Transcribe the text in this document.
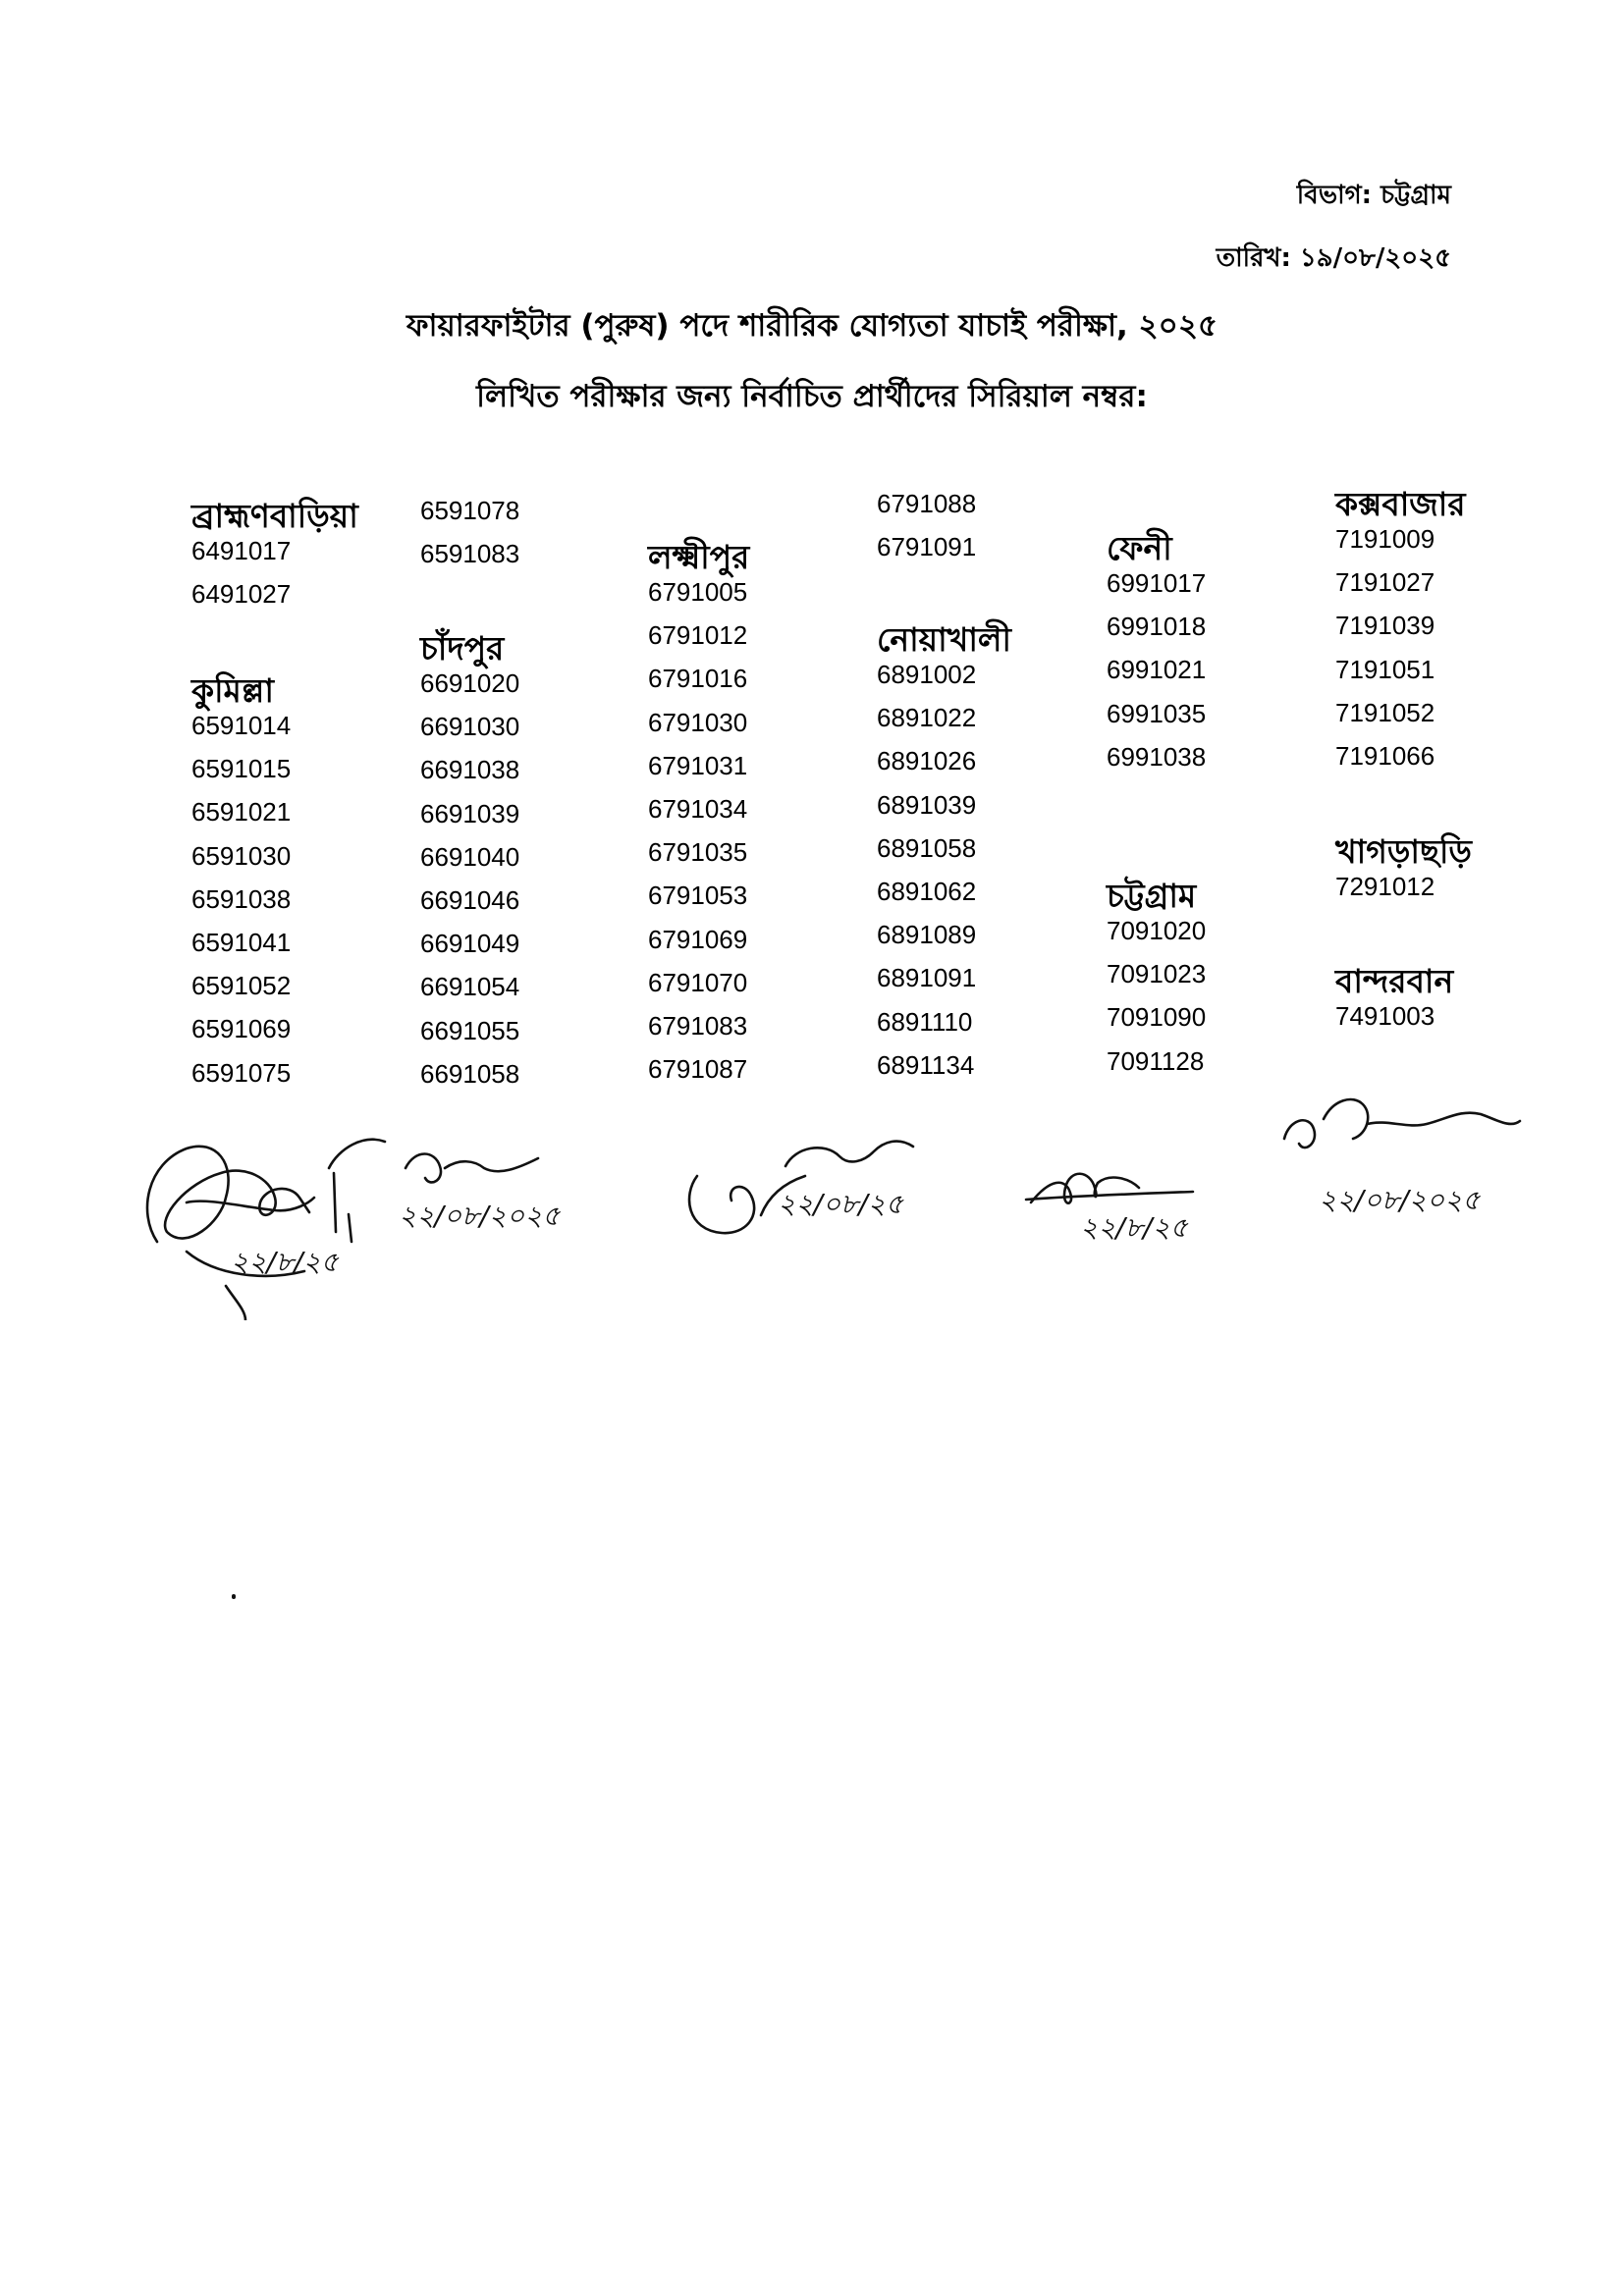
বিভাগ: চট্টগ্রাম
তারিখ: ১৯/০৮/২০২৫
ফায়ারফাইটার (পুরুষ) পদে শারীরিক যোগ্যতা যাচাই পরীক্ষা, ২০২৫
লিখিত পরীক্ষার জন্য নির্বাচিত প্রার্থীদের সিরিয়াল নম্বর:
ব্রাহ্মণবাড়িয়া
6491017
6491027
কুমিল্লা
6591014
6591015
6591021
6591030
6591038
6591041
6591052
6591069
6591075
6591078
6591083
চাঁদপুর
6691020
6691030
6691038
6691039
6691040
6691046
6691049
6691054
6691055
6691058
লক্ষ্মীপুর
6791005
6791012
6791016
6791030
6791031
6791034
6791035
6791053
6791069
6791070
6791083
6791087
6791088
6791091
নোয়াখালী
6891002
6891022
6891026
6891039
6891058
6891062
6891089
6891091
6891110
6891134
ফেনী
6991017
6991018
6991021
6991035
6991038
চট্টগ্রাম
7091020
7091023
7091090
7091128
কক্সবাজার
7191009
7191027
7191039
7191051
7191052
7191066
খাগড়াছড়ি
7291012
বান্দরবান
7491003
২২/৮/২৫
২২/০৮/২০২৫	২২/০৮/২৫
২২/৮/২৫
২২/০৮/২০২৫
